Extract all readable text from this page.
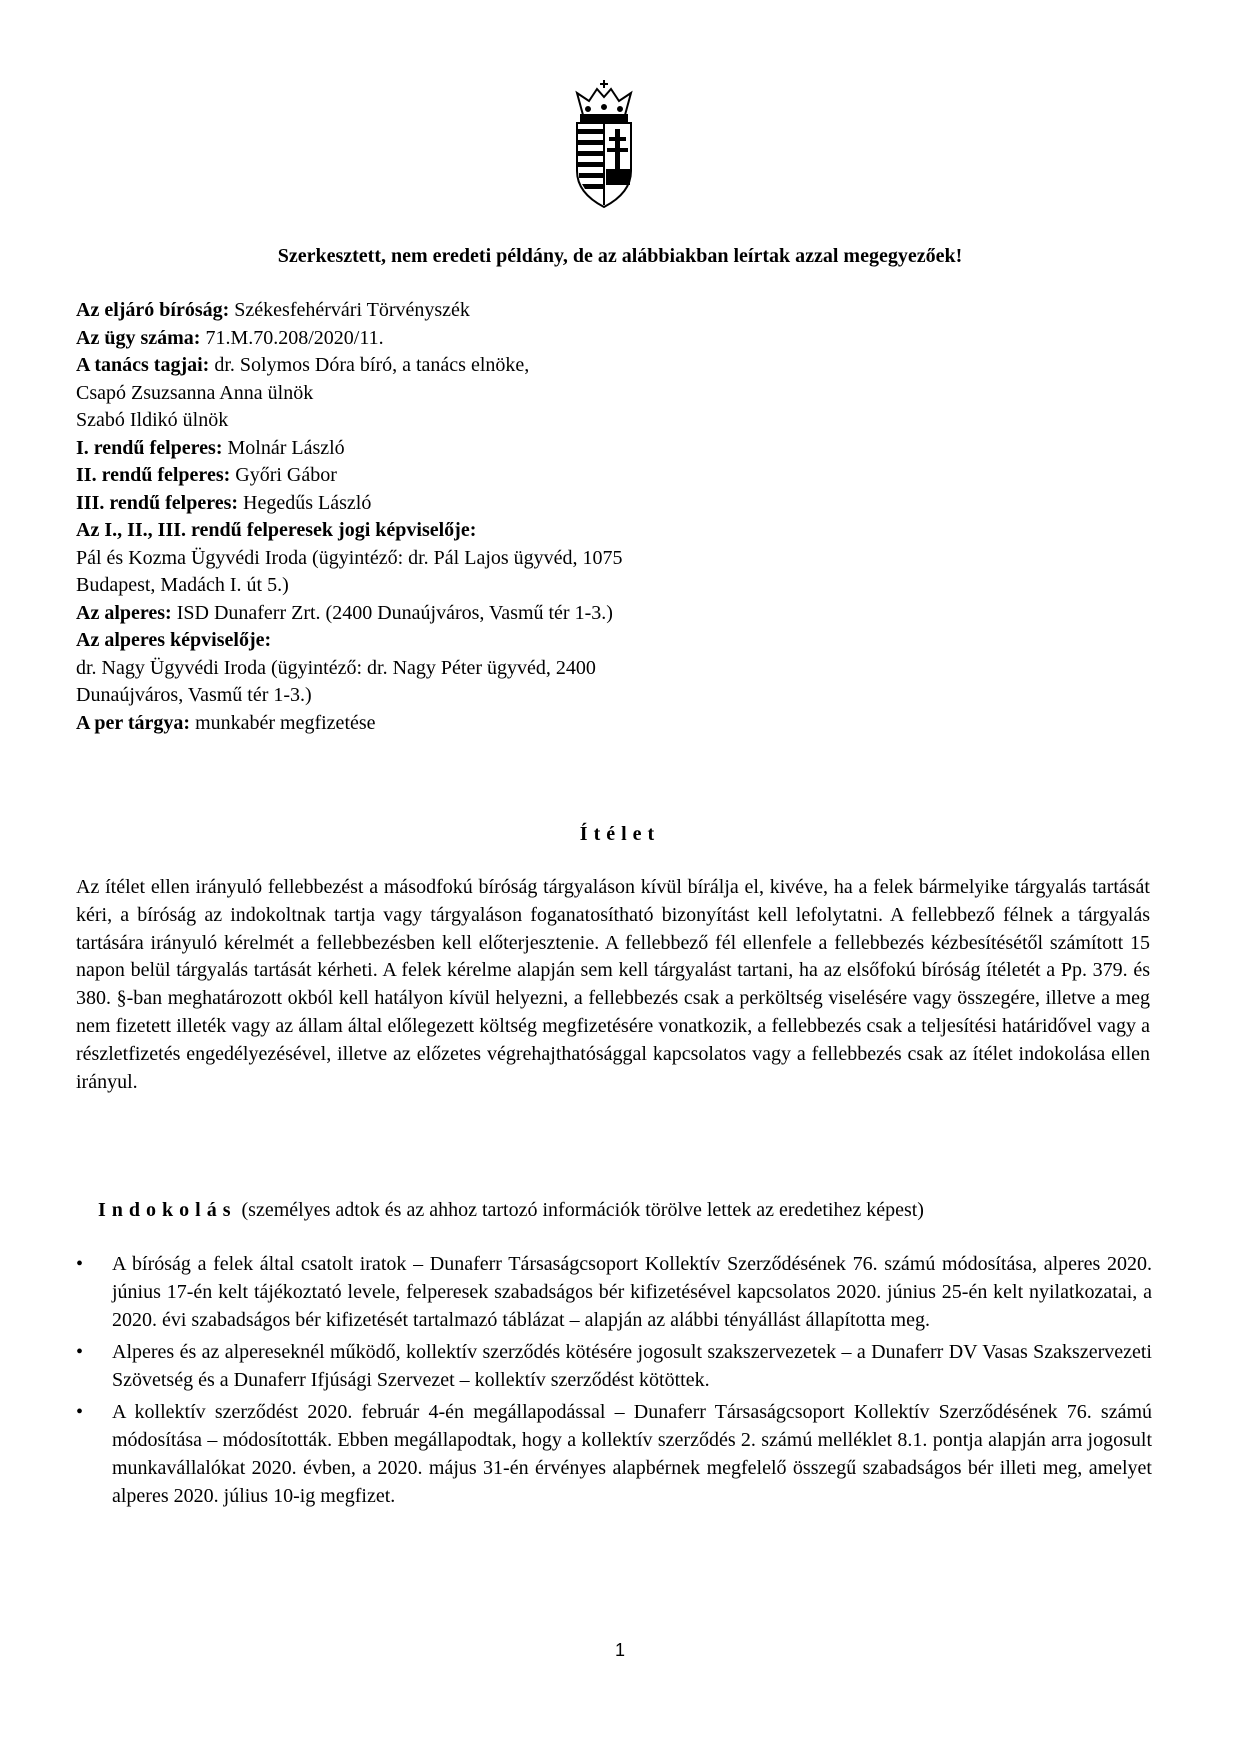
Szerkesztett, nem eredeti példány, de az alábbiakban leírtak azzal megegyezőek!
Az eljáró bíróság: Székesfehérvári Törvényszék
Az ügy száma: 71.M.70.208/2020/11.
A tanács tagjai: dr. Solymos Dóra bíró, a tanács elnöke,
Csapó Zsuzsanna Anna ülnök
Szabó Ildikó ülnök
I. rendű felperes: Molnár László
II. rendű felperes: Győri Gábor
III. rendű felperes: Hegedűs László
Az I., II., III. rendű felperesek jogi képviselője:
Pál és Kozma Ügyvédi Iroda (ügyintéző: dr. Pál Lajos ügyvéd, 1075
Budapest, Madách I. út 5.)
Az alperes: ISD Dunaferr Zrt. (2400 Dunaújváros, Vasmű tér 1-3.)
Az alperes képviselője:
dr. Nagy Ügyvédi Iroda (ügyintéző: dr. Nagy Péter ügyvéd, 2400
Dunaújváros, Vasmű tér 1-3.)
A per tárgya: munkabér megfizetése
Ítélet
Az ítélet ellen irányuló fellebbezést a másodfokú bíróság tárgyaláson kívül bírálja el, kivéve, ha a felek bármelyike tárgyalás tartását kéri, a bíróság az indokoltnak tartja vagy tárgyaláson foganatosítható bizonyítást kell lefolytatni. A fellebbező félnek a tárgyalás tartására irányuló kérelmét a fellebbezésben kell előterjesztenie. A fellebbező fél ellenfele a fellebbezés kézbesítésétől számított 15 napon belül tárgyalás tartását kérheti. A felek kérelme alapján sem kell tárgyalást tartani, ha az elsőfokú bíróság ítéletét a Pp. 379. és 380. §-ban meghatározott okból kell hatályon kívül helyezni, a fellebbezés csak a perköltség viselésére vagy összegére, illetve a meg nem fizetett illeték vagy az állam által előlegezett költség megfizetésére vonatkozik, a fellebbezés csak a teljesítési határidővel vagy a részletfizetés engedélyezésével, illetve az előzetes végrehajthatósággal kapcsolatos vagy a fellebbezés csak az ítélet indokolása ellen irányul.
Indokolás (személyes adtok és az ahhoz tartozó információk törölve lettek az eredetihez képest)
•	A bíróság a felek által csatolt iratok – Dunaferr Társaságcsoport Kollektív Szerződésének 76. számú módosítása, alperes 2020. június 17-én kelt tájékoztató levele, felperesek szabadságos bér kifizetésével kapcsolatos 2020. június 25-én kelt nyilatkozatai, a 2020. évi szabadságos bér kifizetését tartalmazó táblázat – alapján az alábbi tényállást állapította meg.
•	Alperes és az alpereseknél működő, kollektív szerződés kötésére jogosult szakszervezetek – a Dunaferr DV Vasas Szakszervezeti Szövetség és a Dunaferr Ifjúsági Szervezet – kollektív szerződést kötöttek.
•	A kollektív szerződést 2020. február 4-én megállapodással – Dunaferr Társaságcsoport Kollektív Szerződésének 76. számú módosítása – módosították. Ebben megállapodtak, hogy a kollektív szerződés 2. számú melléklet 8.1. pontja alapján arra jogosult munkavállalókat 2020. évben, a 2020. május 31-én érvényes alapbérnek megfelelő összegű szabadságos bér illeti meg, amelyet alperes 2020. július 10-ig megfizet.
1
